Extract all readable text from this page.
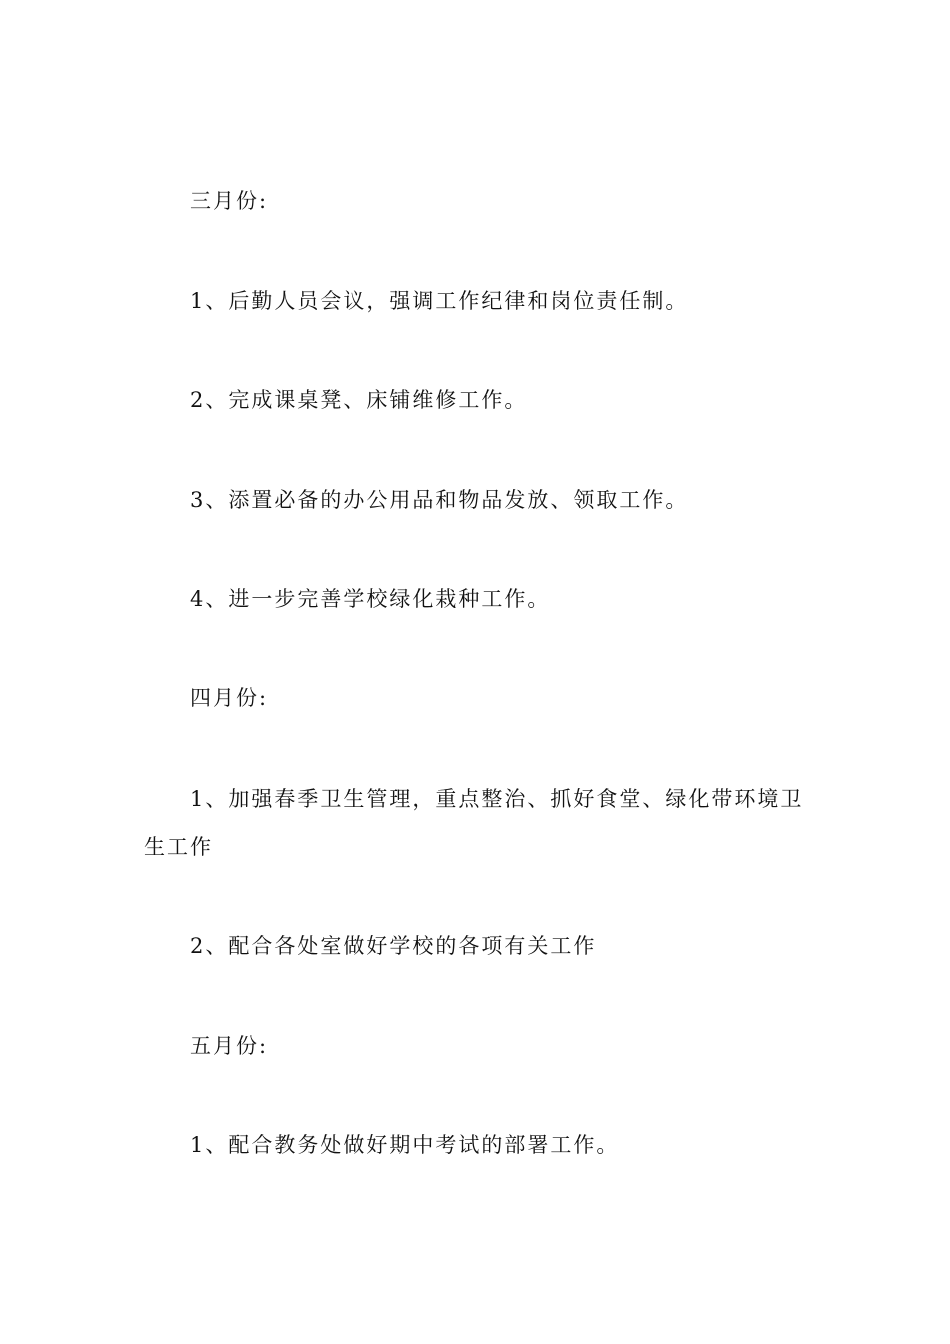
三月份:

1、后勤人员会议，强调工作纪律和岗位责任制。

2、完成课桌凳、床铺维修工作。

3、添置必备的办公用品和物品发放、领取工作。

4、进一步完善学校绿化栽种工作。

四月份:

1、加强春季卫生管理，重点整治、抓好食堂、绿化带环境卫生工作

2、配合各处室做好学校的各项有关工作

五月份:

1、配合教务处做好期中考试的部署工作。
